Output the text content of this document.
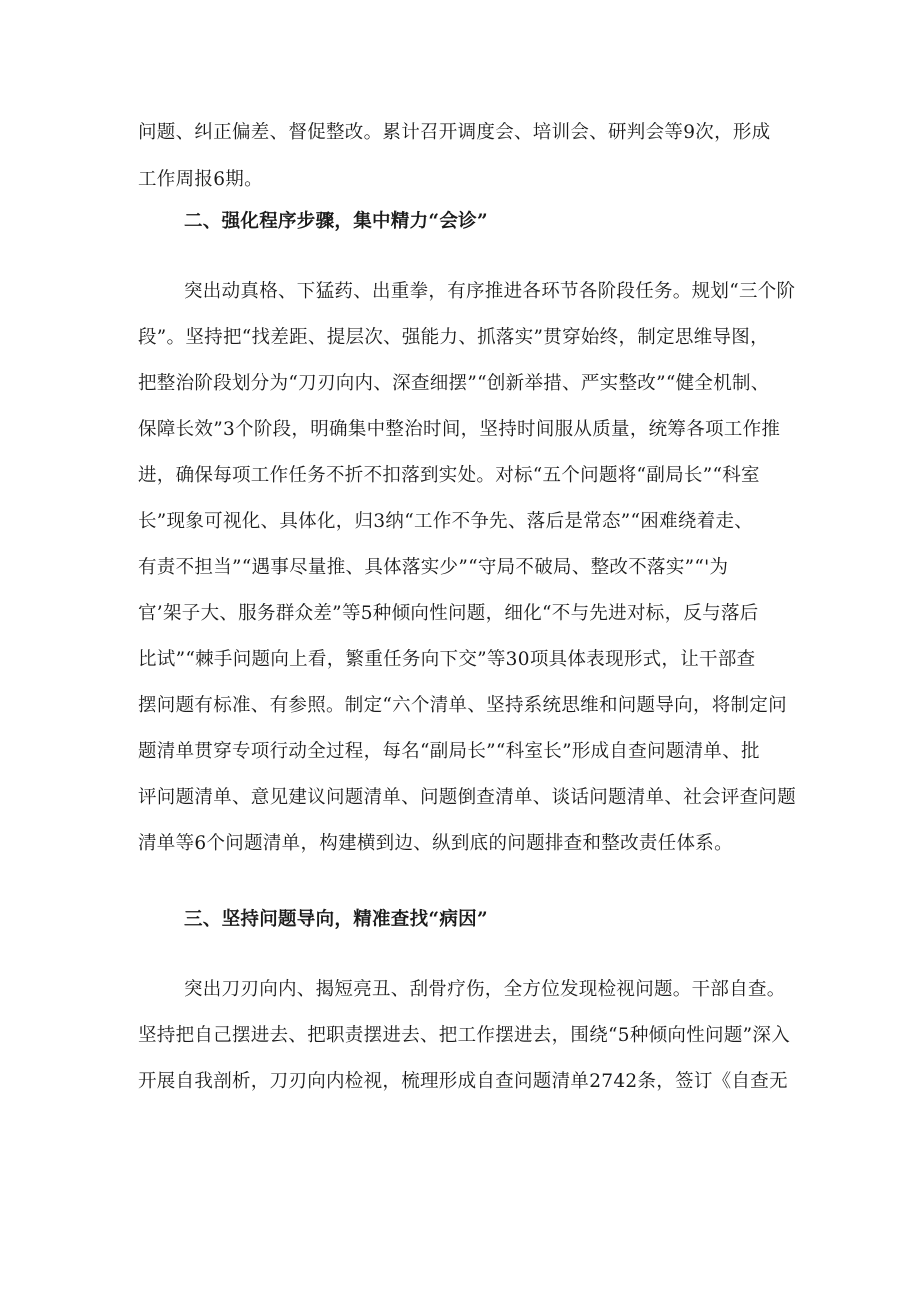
问题、纠正偏差、督促整改。累计召开调度会、培训会、研判会等9次，形成
工作周报6期。
二、强化程序步骤，集中精力“会诊”
突出动真格、下猛药、出重拳，有序推进各环节各阶段任务。规划“三个阶
段”。坚持把“找差距、提层次、强能力、抓落实”贯穿始终，制定思维导图，
把整治阶段划分为“刀刃向内、深查细摆”“创新举措、严实整改”“健全机制、
保障长效”3个阶段，明确集中整治时间，坚持时间服从质量，统筹各项工作推
进，确保每项工作任务不折不扣落到实处。对标“五个问题将“副局长”“科室
长”现象可视化、具体化，归3纳“工作不争先、落后是常态”“困难绕着走、
有责不担当”“遇事尽量推、具体落实少”“守局不破局、整改不落实”“'为
官’架子大、服务群众差”等5种倾向性问题，细化“不与先进对标，反与落后
比试”“棘手问题向上看，繁重任务向下交”等30项具体表现形式，让干部查
摆问题有标准、有参照。制定“六个清单、坚持系统思维和问题导向，将制定问
题清单贯穿专项行动全过程，每名“副局长”“科室长”形成自查问题清单、批
评问题清单、意见建议问题清单、问题倒查清单、谈话问题清单、社会评查问题
清单等6个问题清单，构建横到边、纵到底的问题排查和整改责任体系。
三、坚持问题导向，精准查找“病因”
突出刀刃向内、揭短亮丑、刮骨疗伤，全方位发现检视问题。干部自查。
坚持把自己摆进去、把职责摆进去、把工作摆进去，围绕“5种倾向性问题”深入
开展自我剖析，刀刃向内检视，梳理形成自查问题清单2742条，签订《自查无
